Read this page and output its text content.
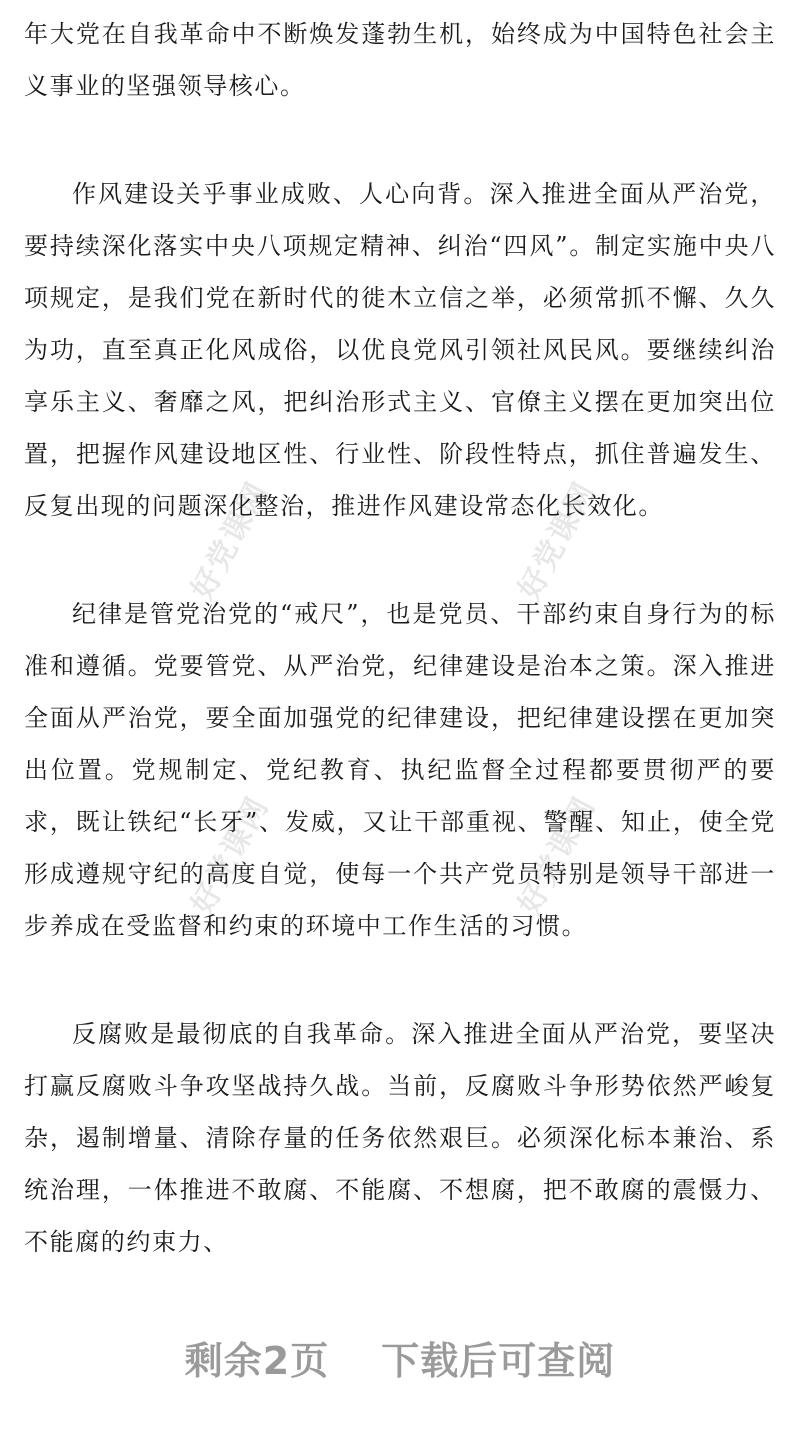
好党课网	好党课网
好党课网	好党课网

年大党在自我革命中不断焕发蓬勃生机，始终成为中国特色社会主义事业的坚强领导核心。

作风建设关乎事业成败、人心向背。深入推进全面从严治党，要持续深化落实中央八项规定精神、纠治“四风”。制定实施中央八项规定，是我们党在新时代的徙木立信之举，必须常抓不懈、久久为功，直至真正化风成俗，以优良党风引领社风民风。要继续纠治享乐主义、奢靡之风，把纠治形式主义、官僚主义摆在更加突出位置，把握作风建设地区性、行业性、阶段性特点，抓住普遍发生、反复出现的问题深化整治，推进作风建设常态化长效化。

纪律是管党治党的“戒尺”，也是党员、干部约束自身行为的标准和遵循。党要管党、从严治党，纪律建设是治本之策。深入推进全面从严治党，要全面加强党的纪律建设，把纪律建设摆在更加突出位置。党规制定、党纪教育、执纪监督全过程都要贯彻严的要求，既让铁纪“长牙”、发威，又让干部重视、警醒、知止，使全党形成遵规守纪的高度自觉，使每一个共产党员特别是领导干部进一步养成在受监督和约束的环境中工作生活的习惯。

反腐败是最彻底的自我革命。深入推进全面从严治党，要坚决打赢反腐败斗争攻坚战持久战。当前，反腐败斗争形势依然严峻复杂，遏制增量、清除存量的任务依然艰巨。必须深化标本兼治、系统治理，一体推进不敢腐、不能腐、不想腐，把不敢腐的震慑力、不能腐的约束力、

剩余2页 下载后可查阅
